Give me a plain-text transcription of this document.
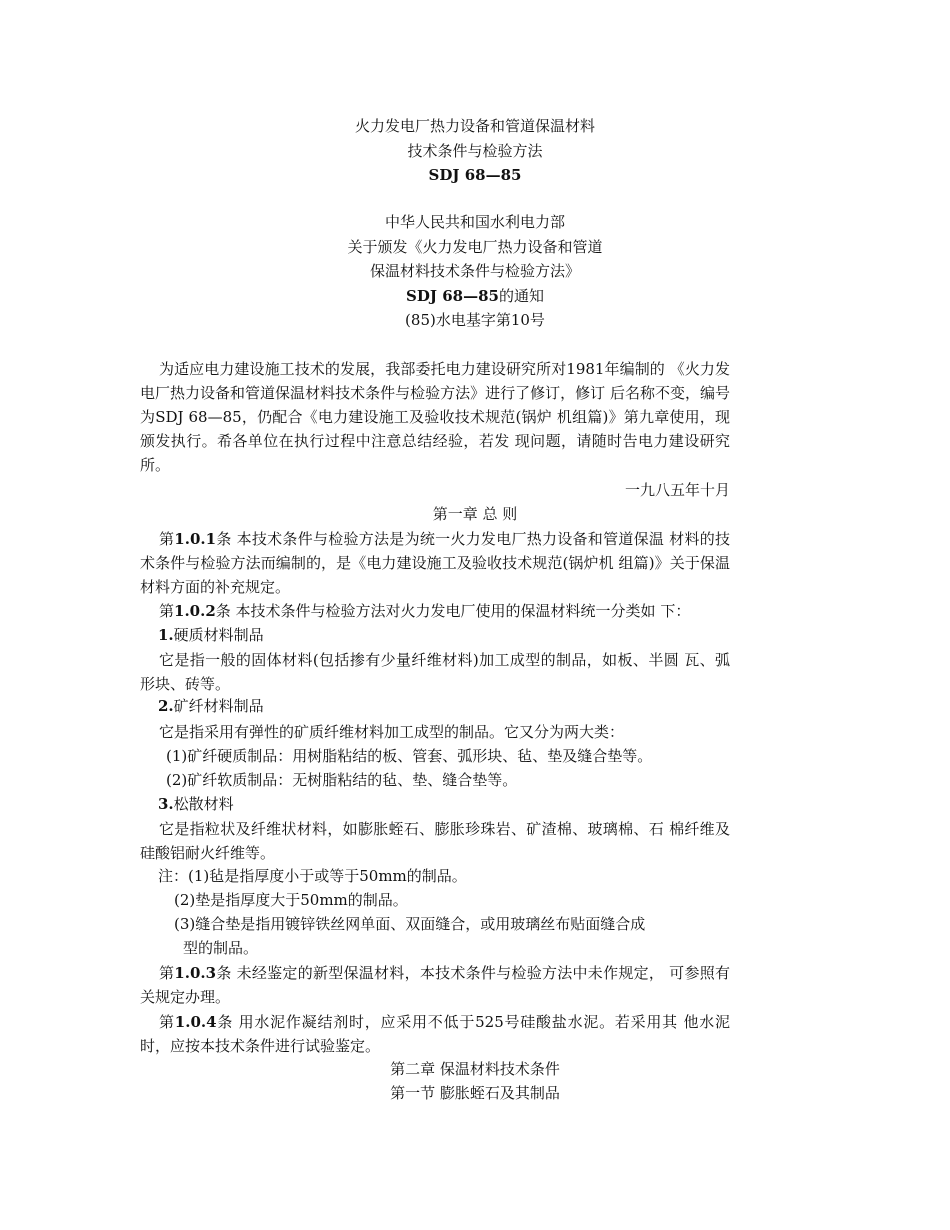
火力发电厂热力设备和管道保温材料
技术条件与检验方法
SDJ 68—85
中华人民共和国水利电力部
关于颁发《火力发电厂热力设备和管道
保温材料技术条件与检验方法》
SDJ 68—85的通知
(85)水电基字第10号
为适应电力建设施工技术的发展，我部委托电力建设研究所对1981年编制的 《火力发电厂热力设备和管道保温材料技术条件与检验方法》进行了修订，修订 后名称不变，编号为SDJ 68—85，仍配合《电力建设施工及验收技术规范(锅炉 机组篇)》第九章使用，现颁发执行。希各单位在执行过程中注意总结经验，若发 现问题，请随时告电力建设研究所。
一九八五年十月
第一章 总 则
第1.0.1条 本技术条件与检验方法是为统一火力发电厂热力设备和管道保温 材料的技术条件与检验方法而编制的，是《电力建设施工及验收技术规范(锅炉机 组篇)》关于保温材料方面的补充规定。
第1.0.2条 本技术条件与检验方法对火力发电厂使用的保温材料统一分类如 下：
1.硬质材料制品
它是指一般的固体材料(包括掺有少量纤维材料)加工成型的制品，如板、半圆 瓦、弧形块、砖等。
2.矿纤材料制品
它是指采用有弹性的矿质纤维材料加工成型的制品。它又分为两大类：
(1)矿纤硬质制品：用树脂粘结的板、管套、弧形块、毡、垫及缝合垫等。
(2)矿纤软质制品：无树脂粘结的毡、垫、缝合垫等。
3.松散材料
它是指粒状及纤维状材料，如膨胀蛭石、膨胀珍珠岩、矿渣棉、玻璃棉、石 棉纤维及硅酸铝耐火纤维等。
注：(1)毡是指厚度小于或等于50mm的制品。
(2)垫是指厚度大于50mm的制品。
(3)缝合垫是指用镀锌铁丝网单面、双面缝合，或用玻璃丝布贴面缝合成
型的制品。
第1.0.3条 未经鉴定的新型保温材料，本技术条件与检验方法中未作规定， 可参照有关规定办理。
第1.0.4条 用水泥作凝结剂时，应采用不低于525号硅酸盐水泥。若采用其 他水泥时，应按本技术条件进行试验鉴定。
第二章 保温材料技术条件
第一节 膨胀蛭石及其制品
